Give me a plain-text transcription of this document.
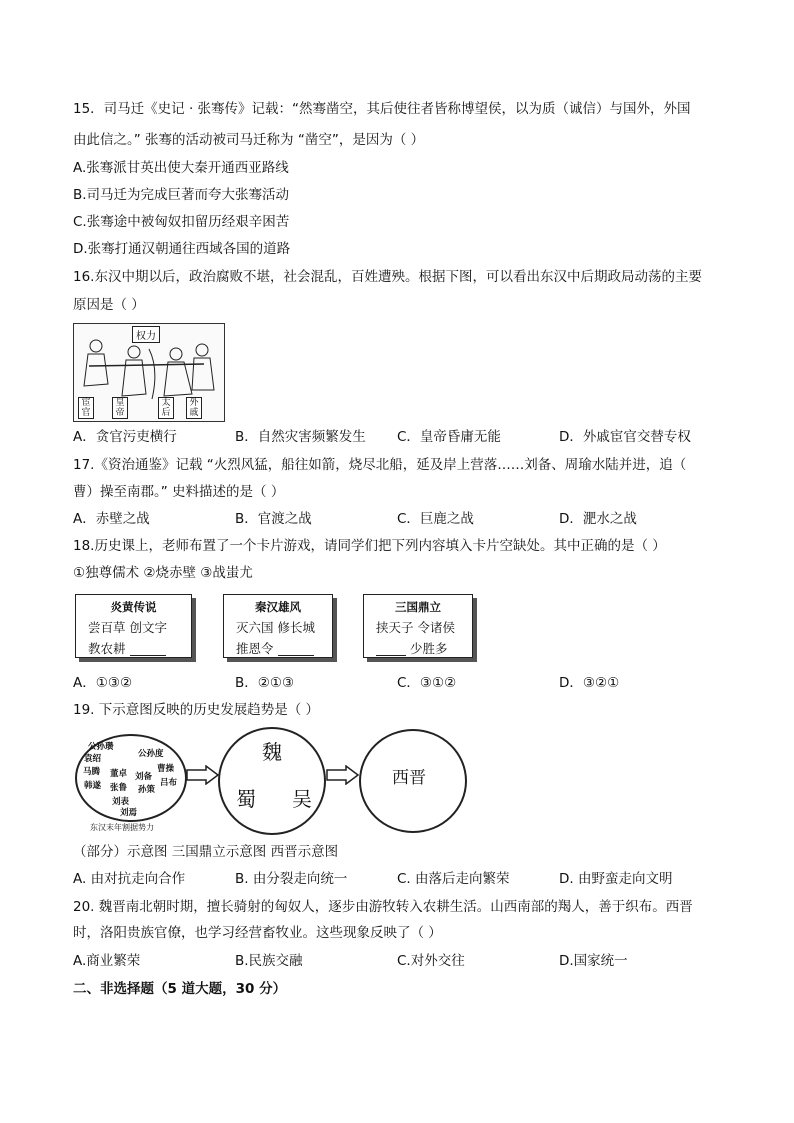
15．司马迁《史记 · 张骞传》记载：“然骞凿空，其后使往者皆称博望侯，以为质（诚信）与国外，外国
由此信之。” 张骞的活动被司马迁称为 “凿空”，是因为（ ）
A.张骞派甘英出使大秦开通西亚路线
B.司马迁为完成巨著而夸大张骞活动
C.张骞途中被匈奴扣留历经艰辛困苦
D.张骞打通汉朝通往西域各国的道路
16.东汉中期以后，政治腐败不堪，社会混乱，百姓遭殃。根据下图，可以看出东汉中后期政局动荡的主要
原因是（ ）
权力
宦官
皇帝
太后
外戚
A．贪官污吏横行	B．自然灾害频繁发生 C．皇帝昏庸无能	D．外戚宦官交替专权
17.《资治通鉴》记载 “火烈风猛，船往如箭，烧尽北船，延及岸上营落……刘备、周瑜水陆并进，追（
曹）操至南郡。” 史料描述的是（ ）
A．赤壁之战	B．官渡之战	C．巨鹿之战	D．淝水之战
18.历史课上，老师布置了一个卡片游戏，请同学们把下列内容填入卡片空缺处。其中正确的是（ ）
①独尊儒术 ②烧赤壁 ③战蚩尤
炎黄传说
尝百草 创文字
教农耕
秦汉雄风
灭六国 修长城
推恩令
三国鼎立
挟天子 令诸侯
少胜多
A．①③②	B．②①③	C．③①②	D．③②①
19. 下示意图反映的历史发展趋势是（ ）
公孙瓒
袁绍	公孙度
马腾 董卓	曹操
韩遂 张鲁
刘备
孙策
刘表
吕布
刘焉
东汉末年割据势力
魏
蜀 吴
西晋
（部分）示意图 三国鼎立示意图 西晋示意图
A. 由对抗走向合作	B. 由分裂走向统一	C. 由落后走向繁荣	D. 由野蛮走向文明
20. 魏晋南北朝时期，擅长骑射的匈奴人，逐步由游牧转入农耕生活。山西南部的羯人，善于织布。西晋
时，洛阳贵族官僚，也学习经营畜牧业。这些现象反映了（ ）
A.商业繁荣	B.民族交融	C.对外交往	D.国家统一
二、非选择题（5 道大题，30 分）
